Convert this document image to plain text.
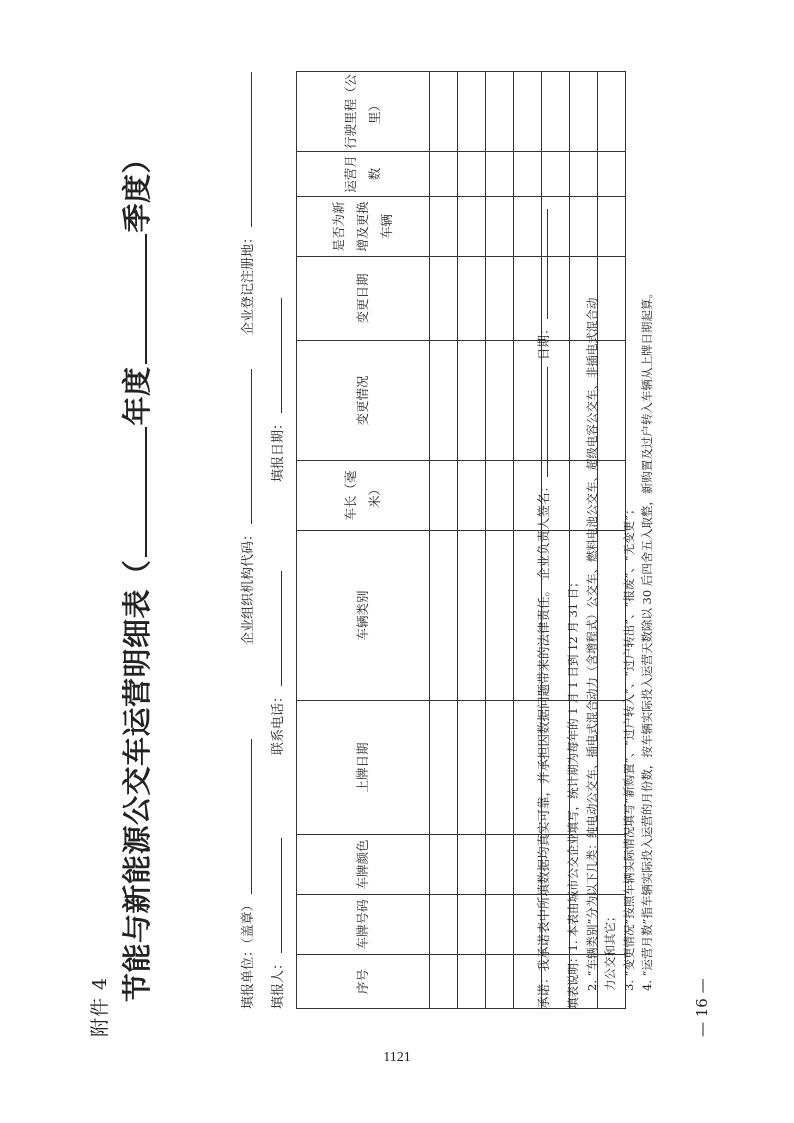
附件 4
节能与新能源公交车运营明细表（年度季度）
填报单位：（盖章）
企业组织机构代码：
企业登记注册地：
填报人：
联系电话：
填报日期：
序号	车牌号码	车牌颜色	上牌日期	车辆类别	车长（毫米）	变更情况	变更日期	是否为新增及更换车辆	运营月数	行驶里程（公里）

承诺：我承诺表中所填数据均真实可靠，并承担因数据问题带来的法律责任。 企业负责人签名： 日期：
填表说明：1. 本表由城市公交企业填写，统计期为每年的 1 月 1 日到 12 月 31 日； 2. “车辆类别”分为以下几类：纯电动公交车、插电式混合动力（含增程式）公交车、燃料电池公交车、超级电容公交车、非插电式混合动 力公交和其它； 3. “变更情况”按照车辆实际情况填写“新购置”、“过户转入”、“过户转出”、“报废”、“无变更”； 4. “运营月数”指车辆实际投入运营的月份数，按车辆实际投入运营天数除以 30 后四舍五入取整，新购置及过户转入车辆从上牌日期起算。
— 16 —
1121
